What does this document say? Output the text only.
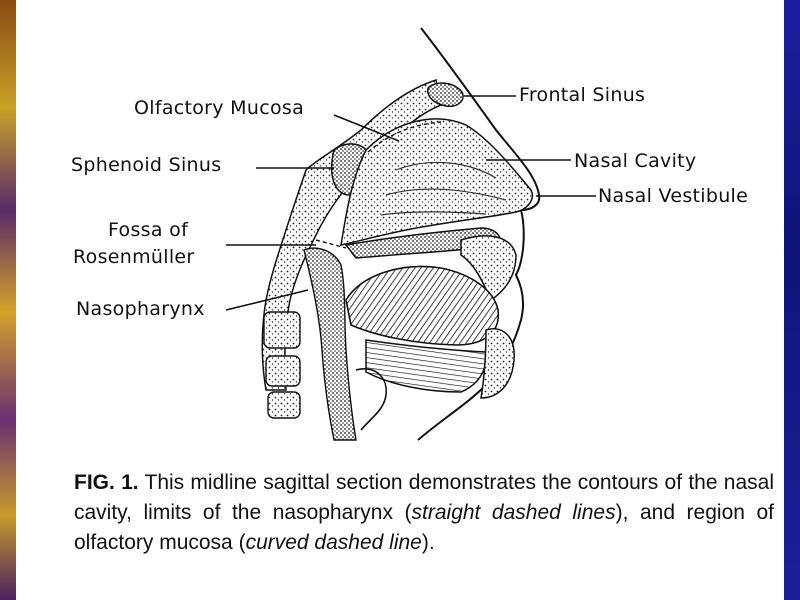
Frontal Sinus
Olfactory Mucosa
Sphenoid Sinus	Nasal Cavity
Nasal Vestibule
Fossa of
Rosenmüller
Nasopharynx
FIG. 1. This midline sagittal section demonstrates the contours of the nasal cavity, limits of the nasopharynx (straight dashed lines), and region of olfactory mucosa (curved dashed line).
